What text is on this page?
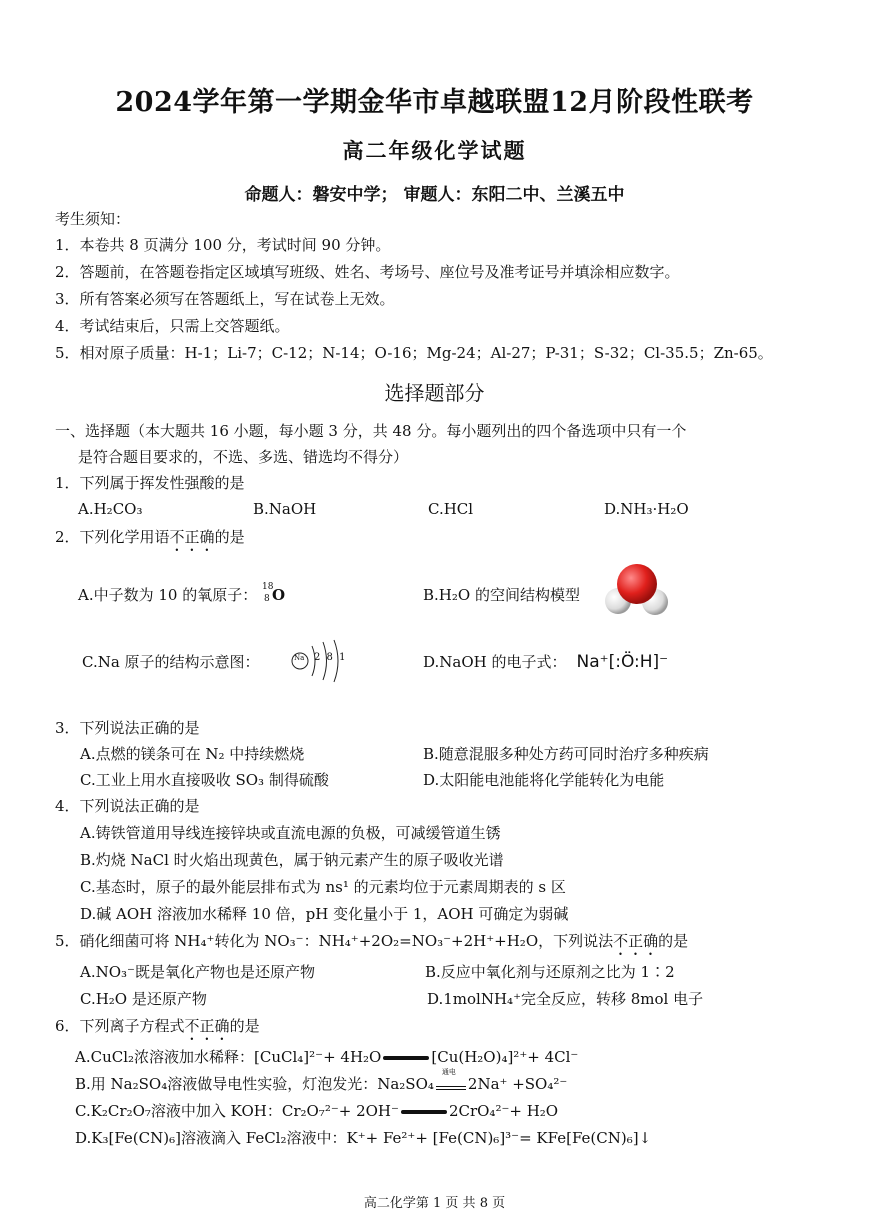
2024学年第一学期金华市卓越联盟12月阶段性联考
高二年级化学试题
命题人：磐安中学； 审题人：东阳二中、兰溪五中
考生须知：
1．本卷共 8 页满分 100 分，考试时间 90 分钟。
2．答题前，在答题卷指定区域填写班级、姓名、考场号、座位号及准考证号并填涂相应数字。
3．所有答案必须写在答题纸上，写在试卷上无效。
4．考试结束后，只需上交答题纸。
5．相对原子质量：H-1；Li-7；C-12；N-14；O-16；Mg-24；Al-27；P-31；S-32；Cl-35.5；Zn-65。
选择题部分
一、选择题（本大题共 16 小题，每小题 3 分，共 48 分。每小题列出的四个备选项中只有一个
是符合题目要求的，不选、多选、错选均不得分）
1．下列属于挥发性强酸的是
A.H₂CO₃	B.NaOH	C.HCl	D.NH₃·H₂O
2．下列化学用语不正确的是
A.中子数为 10 的氧原子： 18
8 O	B.H₂O 的空间结构模型
C.Na 原子的结构示意图：	Na 2 8 1	D.NaOH 的电子式： Na⁺[:Ö:H]⁻
3．下列说法正确的是
A.点燃的镁条可在 N₂ 中持续燃烧	B.随意混服多种处方药可同时治疗多种疾病
C.工业上用水直接吸收 SO₃ 制得硫酸	D.太阳能电池能将化学能转化为电能
4．下列说法正确的是
A.铸铁管道用导线连接锌块或直流电源的负极，可减缓管道生锈
B.灼烧 NaCl 时火焰出现黄色，属于钠元素产生的原子吸收光谱
C.基态时，原子的最外能层排布式为 ns¹ 的元素均位于元素周期表的 s 区
D.碱 AOH 溶液加水稀释 10 倍，pH 变化量小于 1，AOH 可确定为弱碱
5．硝化细菌可将 NH₄⁺转化为 NO₃⁻：NH₄⁺+2O₂=NO₃⁻+2H⁺+H₂O，下列说法不正确的是
A.NO₃⁻既是氧化产物也是还原产物	B.反应中氧化剂与还原剂之比为 1∶2
C.H₂O 是还原产物	D.1molNH₄⁺完全反应，转移 8mol 电子
6．下列离子方程式不正确的是
A.CuCl₂浓溶液加水稀释：[CuCl₄]²⁻+ 4H₂O	[Cu(H₂O)₄]²⁺+ 4Cl⁻
B.用 Na₂SO₄溶液做导电性实验，灯泡发光：Na₂SO₄
通电
2Na⁺ +SO₄²⁻
C.K₂Cr₂O₇溶液中加入 KOH：Cr₂O₇²⁻+ 2OH⁻	2CrO₄²⁻+ H₂O
D.K₃[Fe(CN)₆]溶液滴入 FeCl₂溶液中：K⁺+ Fe²⁺+ [Fe(CN)₆]³⁻= KFe[Fe(CN)₆]↓
高二化学第 1 页 共 8 页
